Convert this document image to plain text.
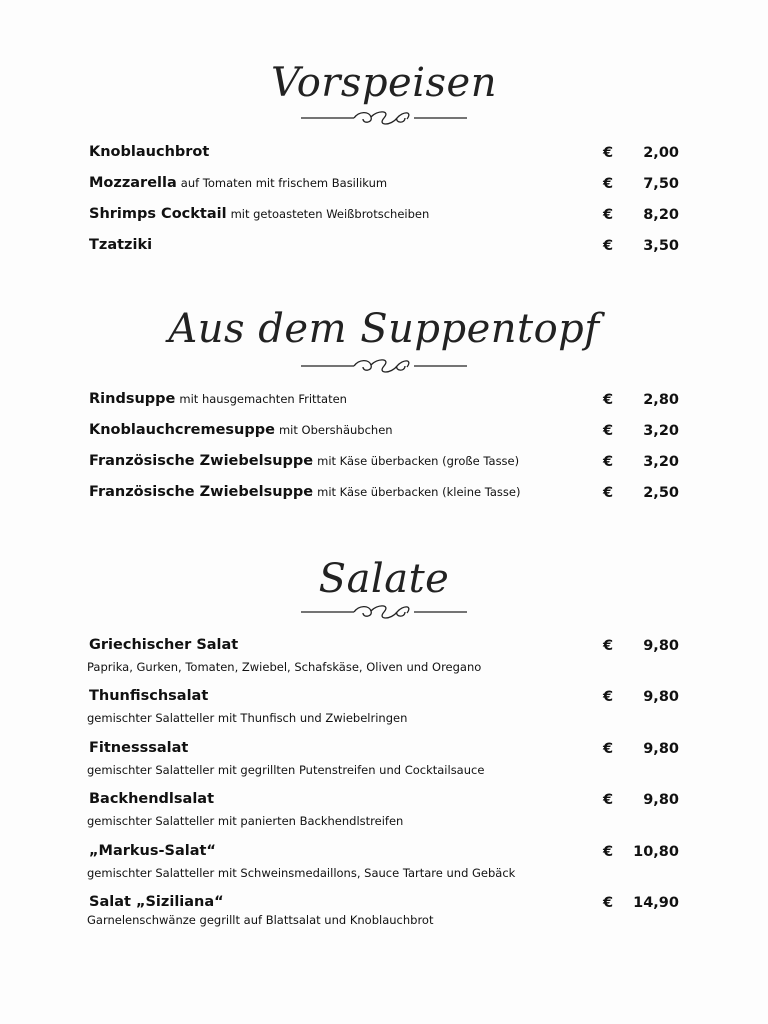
Vorspeisen
Knoblauchbrot	€	2,00
Mozzarella auf Tomaten mit frischem Basilikum	€	7,50
Shrimps Cocktail mit getoasteten Weißbrotscheiben	€	8,20
Tzatziki	€	3,50
Aus dem Suppentopf
Rindsuppe mit hausgemachten Frittaten	€	2,80
Knoblauchcremesuppe mit Obershäubchen	€	3,20
Französische Zwiebelsuppe mit Käse überbacken (große Tasse)	€	3,20
Französische Zwiebelsuppe mit Käse überbacken (kleine Tasse)	€	2,50
Salate
Griechischer Salat
Paprika, Gurken, Tomaten, Zwiebel, Schafskäse, Oliven und Oregano
€	9,80
Thunfischsalat
gemischter Salatteller mit Thunfisch und Zwiebelringen
€	9,80
Fitnesssalat
gemischter Salatteller mit gegrillten Putenstreifen und Cocktailsauce
€	9,80
Backhendlsalat
gemischter Salatteller mit panierten Backhendlstreifen
€	9,80
„Markus-Salat“
gemischter Salatteller mit Schweinsmedaillons, Sauce Tartare und Gebäck
€	10,80
Salat „Siziliana“
Garnelenschwänze gegrillt auf Blattsalat und Knoblauchbrot
€	14,90
